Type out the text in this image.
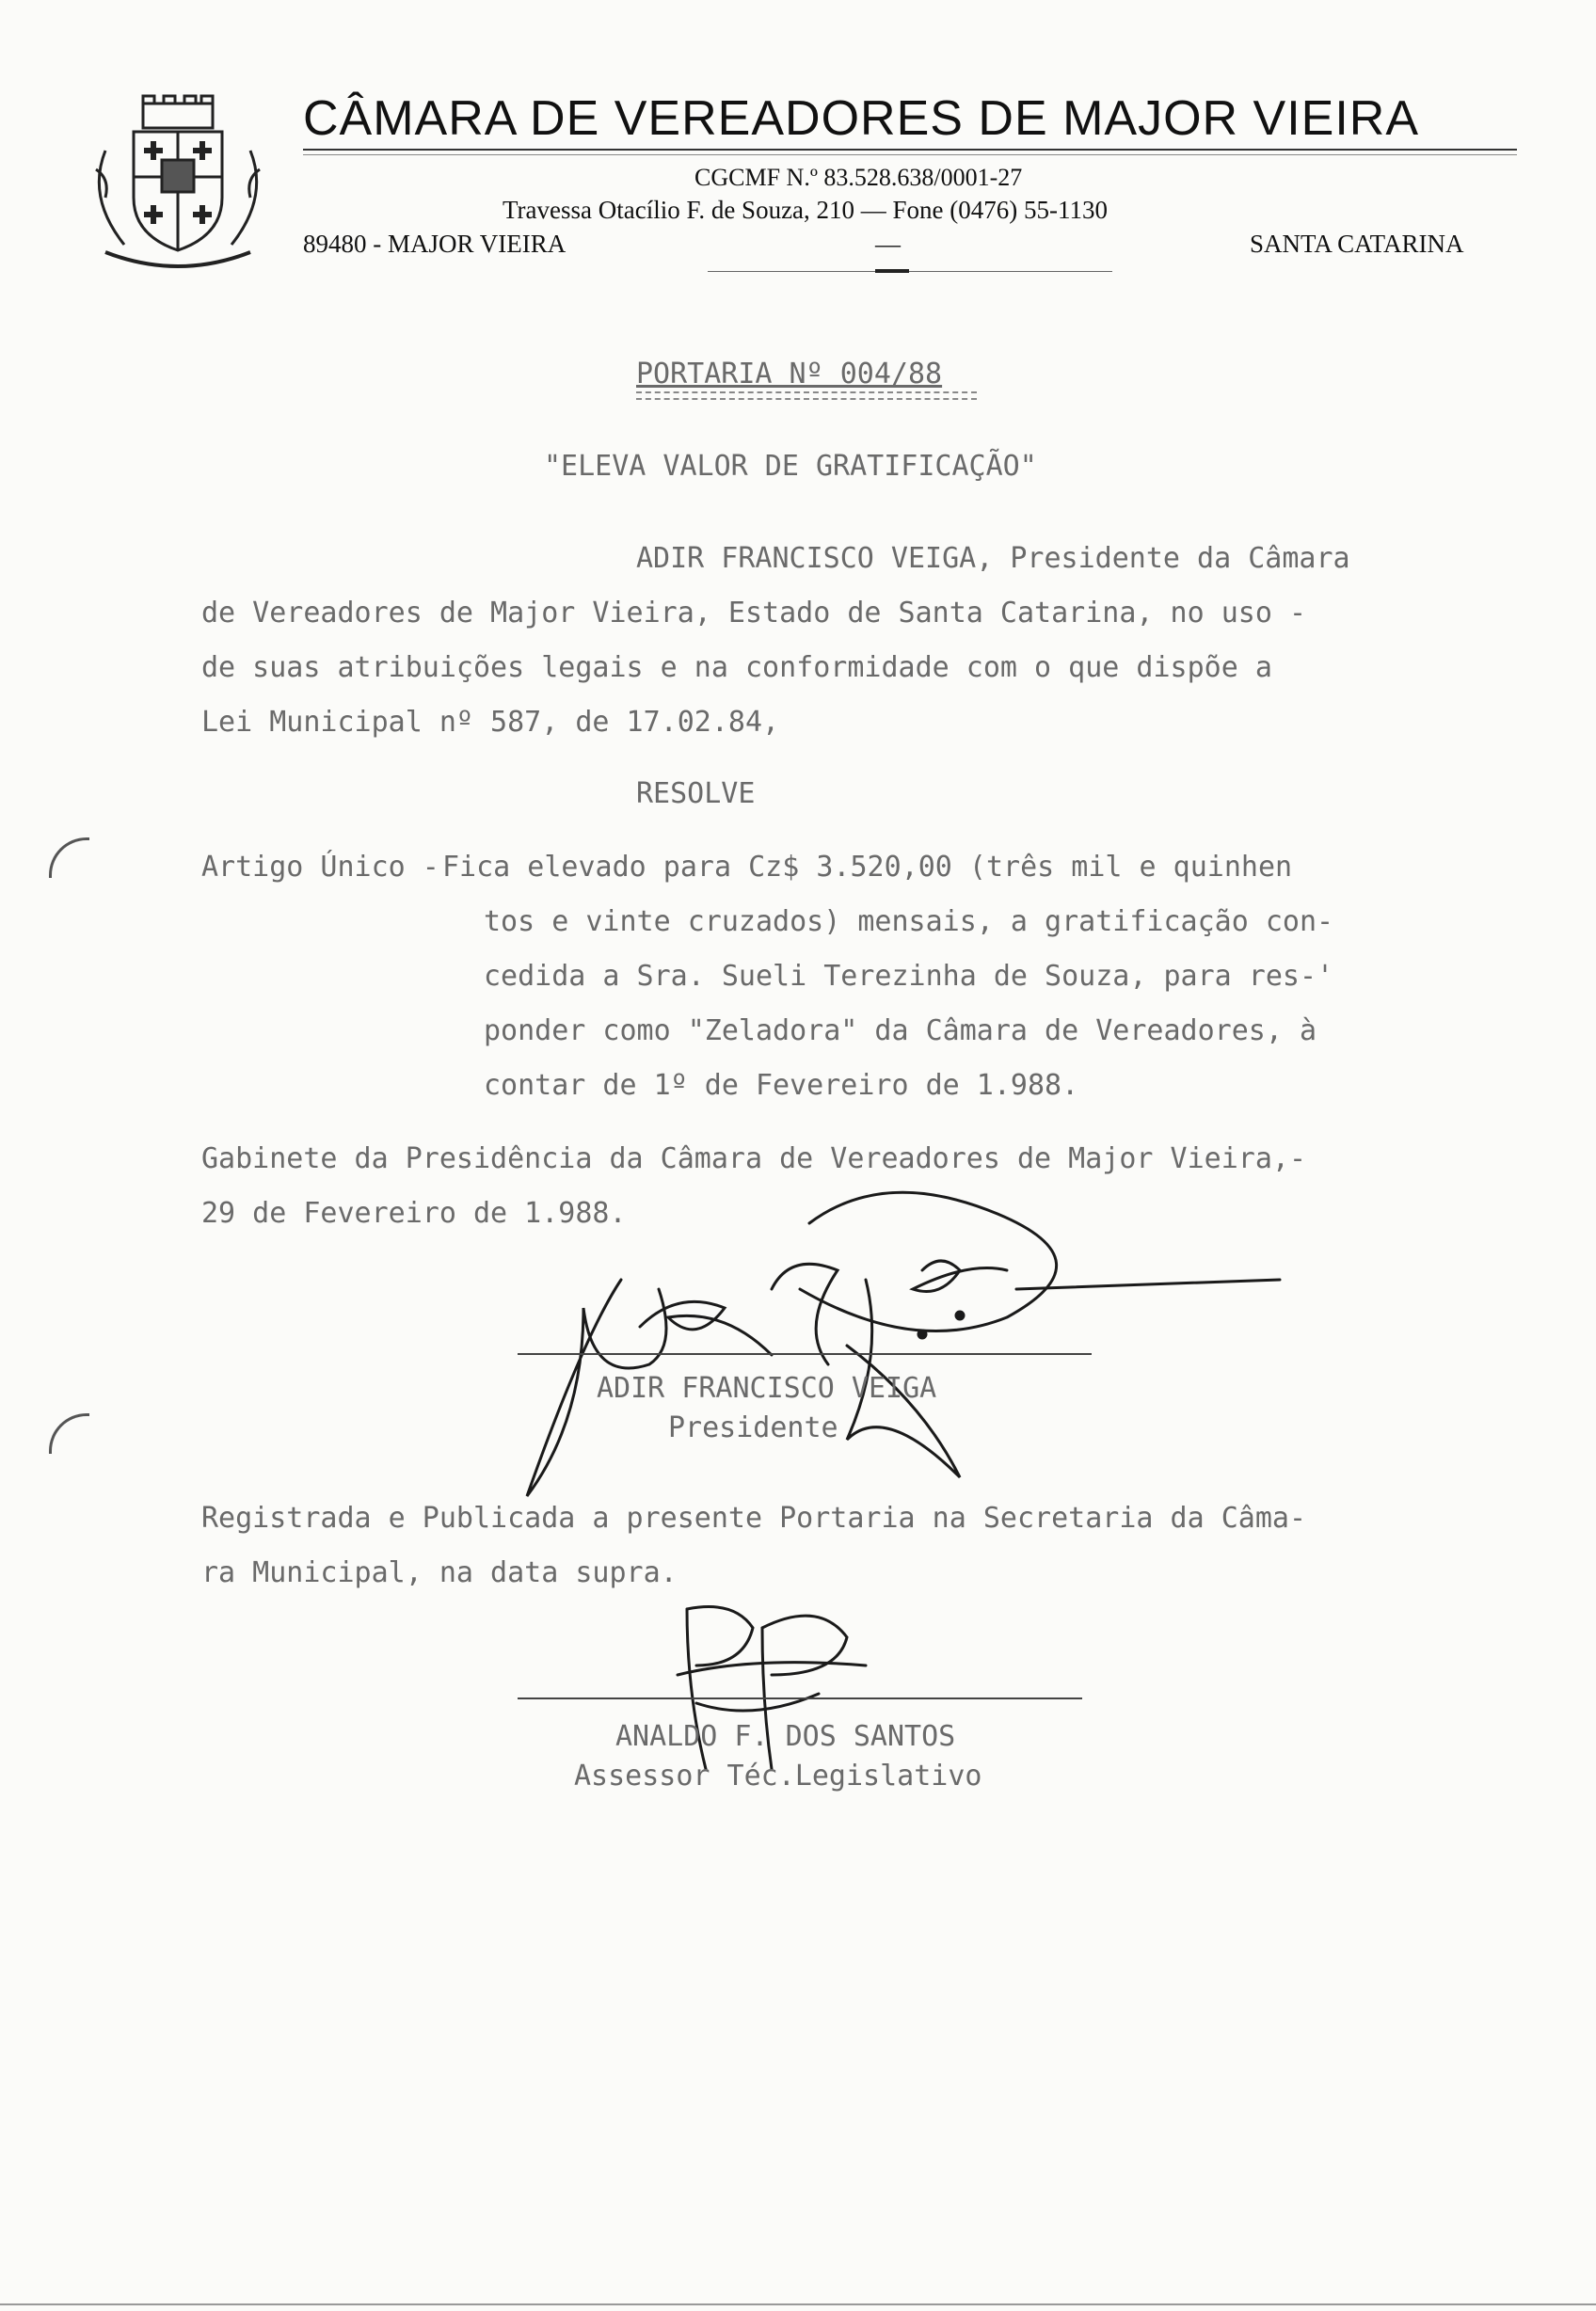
CÂMARA DE VEREADORES DE MAJOR VIEIRA
CGCMF N.º 83.528.638/0001-27
Travessa Otacílio F. de Souza, 210 — Fone (0476) 55-1130
89480 - MAJOR VIEIRA	—	SANTA CATARINA
PORTARIA Nº 004/88
"ELEVA VALOR DE GRATIFICAÇÃO"
ADIR FRANCISCO VEIGA, Presidente da Câmara
de Vereadores de Major Vieira, Estado de Santa Catarina, no uso -
de suas atribuições legais e na conformidade com o que dispõe a
Lei Municipal nº 587, de 17.02.84,
RESOLVE
Artigo Único - Fica elevado para Cz$ 3.520,00 (três mil e quinhen
tos e vinte cruzados) mensais, a gratificação con-
cedida a Sra. Sueli Terezinha de Souza, para res-'
ponder como "Zeladora" da Câmara de Vereadores, à
contar de 1º de Fevereiro de 1.988.
Gabinete da Presidência da Câmara de Vereadores de Major Vieira,-
29 de Fevereiro de 1.988.
ADIR FRANCISCO VEIGA
Presidente
Registrada e Publicada a presente Portaria na Secretaria da Câma-
ra Municipal, na data supra.
ANALDO F. DOS SANTOS
Assessor Téc.Legislativo
